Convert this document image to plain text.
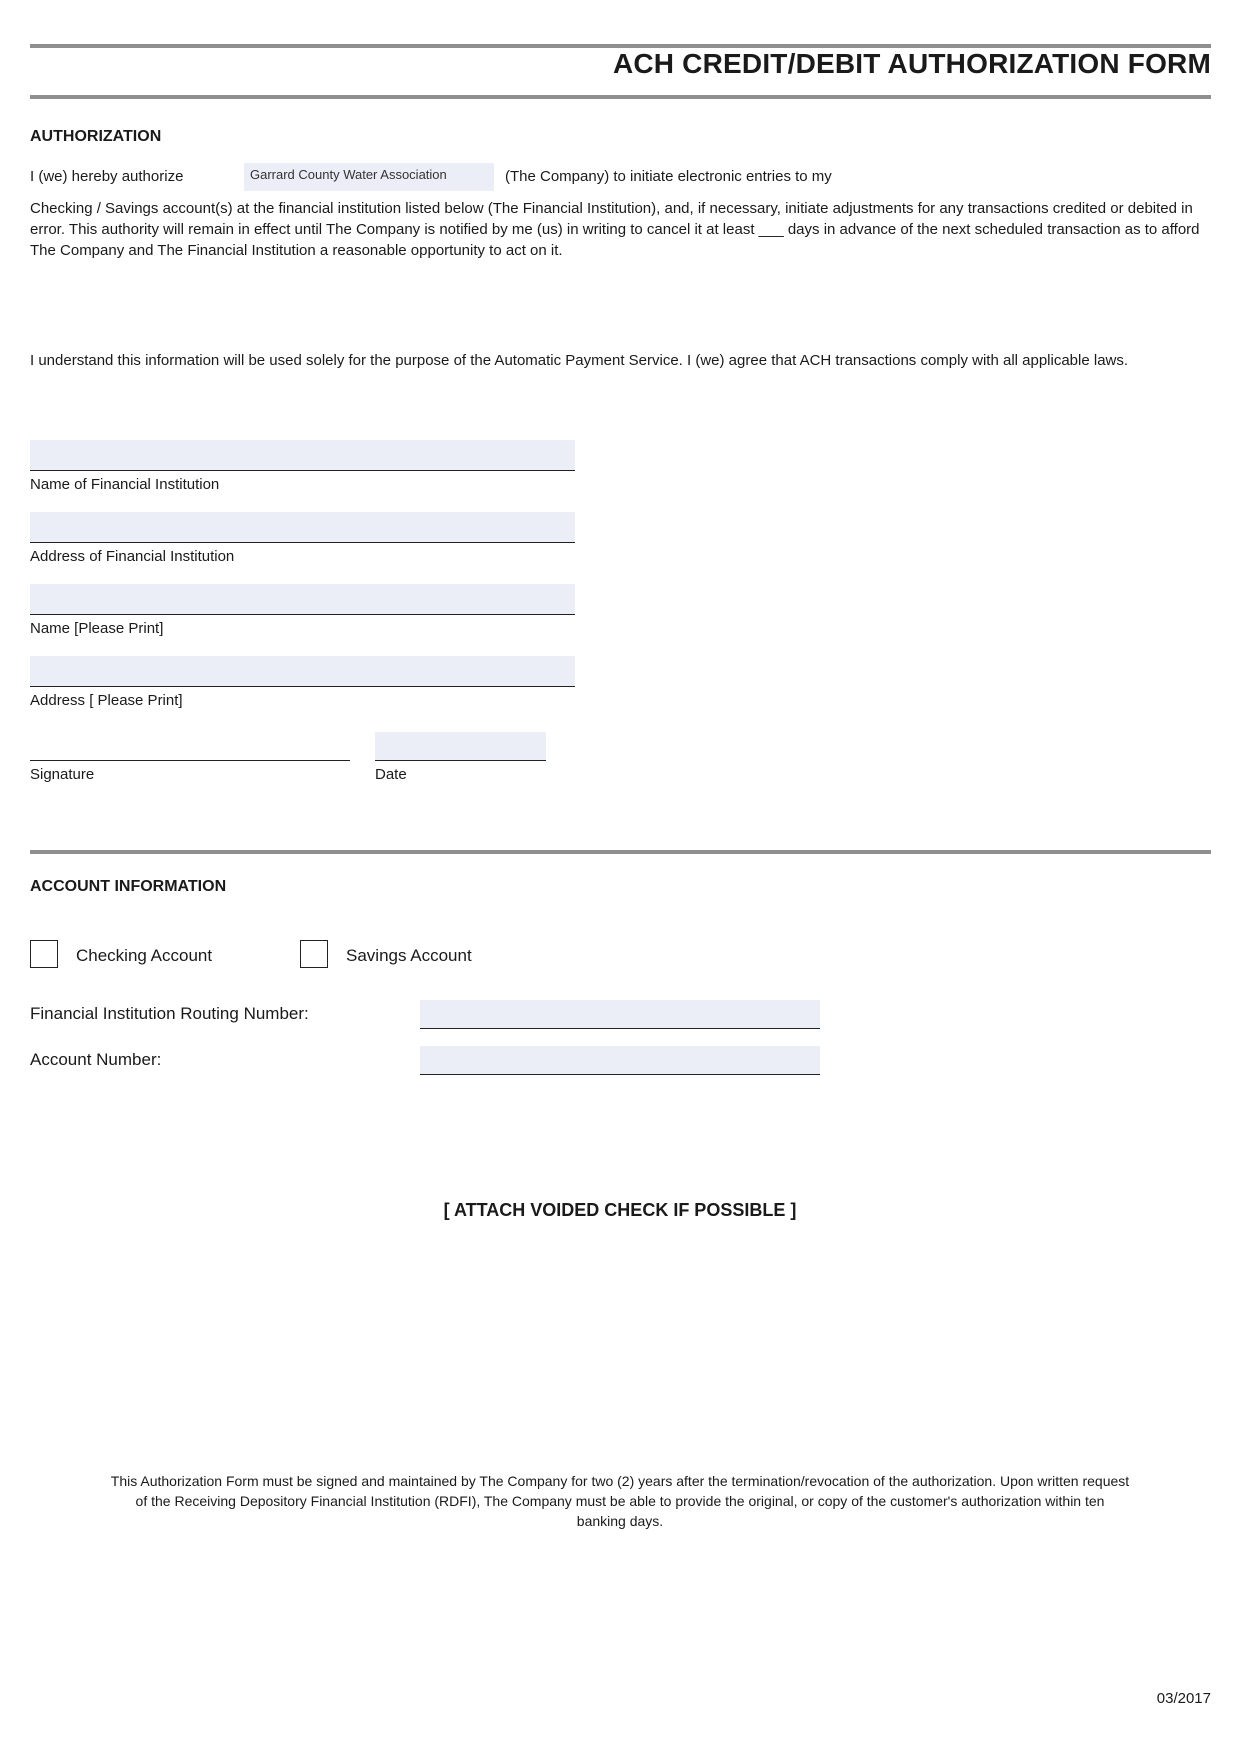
ACH CREDIT/DEBIT AUTHORIZATION FORM
AUTHORIZATION
I (we) hereby authorize	Garrard County Water Association	(The Company) to initiate electronic entries to my
Checking / Savings account(s) at the financial institution listed below (The Financial Institution), and, if necessary, initiate adjustments for any transactions credited or debited in error. This authority will remain in effect until The Company is notified by me (us) in writing to cancel it at least ___ days in advance of the next scheduled transaction as to afford The Company and The Financial Institution a reasonable opportunity to act on it.
I understand this information will be used solely for the purpose of the Automatic Payment Service. I (we) agree that ACH transactions comply with all applicable laws.
Name of Financial Institution
Address of Financial Institution
Name [Please Print]
Address [ Please Print]
Signature	Date
ACCOUNT INFORMATION
Checking Account	Savings Account
Financial Institution Routing Number:
Account Number:
[ ATTACH VOIDED CHECK IF POSSIBLE ]
This Authorization Form must be signed and maintained by The Company for two (2) years after the termination/revocation of the authorization. Upon written request of the Receiving Depository Financial Institution (RDFI), The Company must be able to provide the original, or copy of the customer's authorization within ten banking days.
03/2017
